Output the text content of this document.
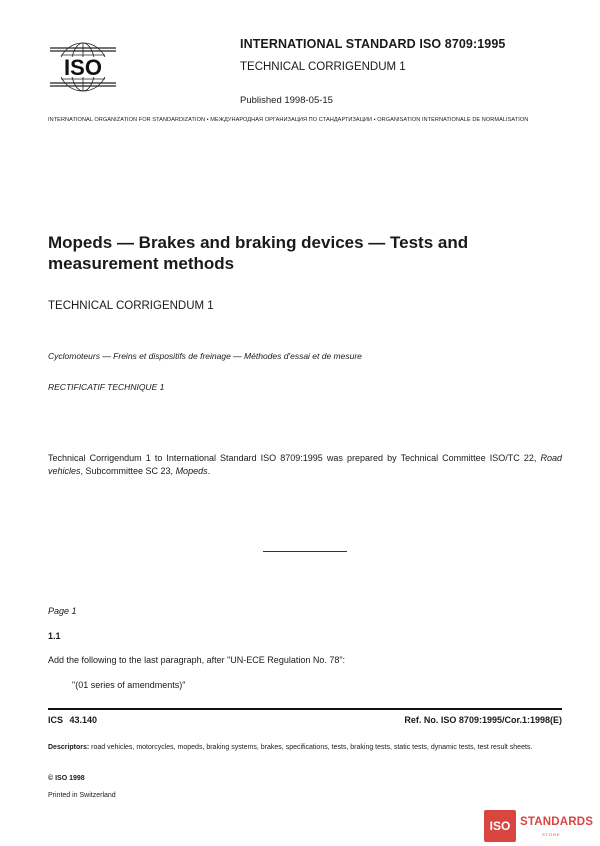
ISO
INTERNATIONAL STANDARD ISO 8709:1995
TECHNICAL CORRIGENDUM 1
Published 1998-05-15
INTERNATIONAL ORGANIZATION FOR STANDARDIZATION • МЕЖДУНАРОДНАЯ ОРГАНИЗАЦИЯ ПО СТАНДАРТИЗАЦИИ • ORGANISATION INTERNATIONALE DE NORMALISATION
Mopeds — Brakes and braking devices — Tests and measurement methods
TECHNICAL CORRIGENDUM 1
Cyclomoteurs — Freins et dispositifs de freinage — Méthodes d'essai et de mesure
RECTIFICATIF TECHNIQUE 1
Technical Corrigendum 1 to International Standard ISO 8709:1995 was prepared by Technical Committee ISO/TC 22, Road vehicles, Subcommittee SC 23, Mopeds.
Page 1
1.1
Add the following to the last paragraph, after "UN-ECE Regulation No. 78":
"(01 series of amendments)"
ICS 43.140	Ref. No. ISO 8709:1995/Cor.1:1998(E)
Descriptors: road vehicles, motorcycles, mopeds, braking systems, brakes, specifications, tests, braking tests, static tests, dynamic tests, test result sheets.
© ISO 1998
Printed in Switzerland
ISO STANDARDS
STORE
